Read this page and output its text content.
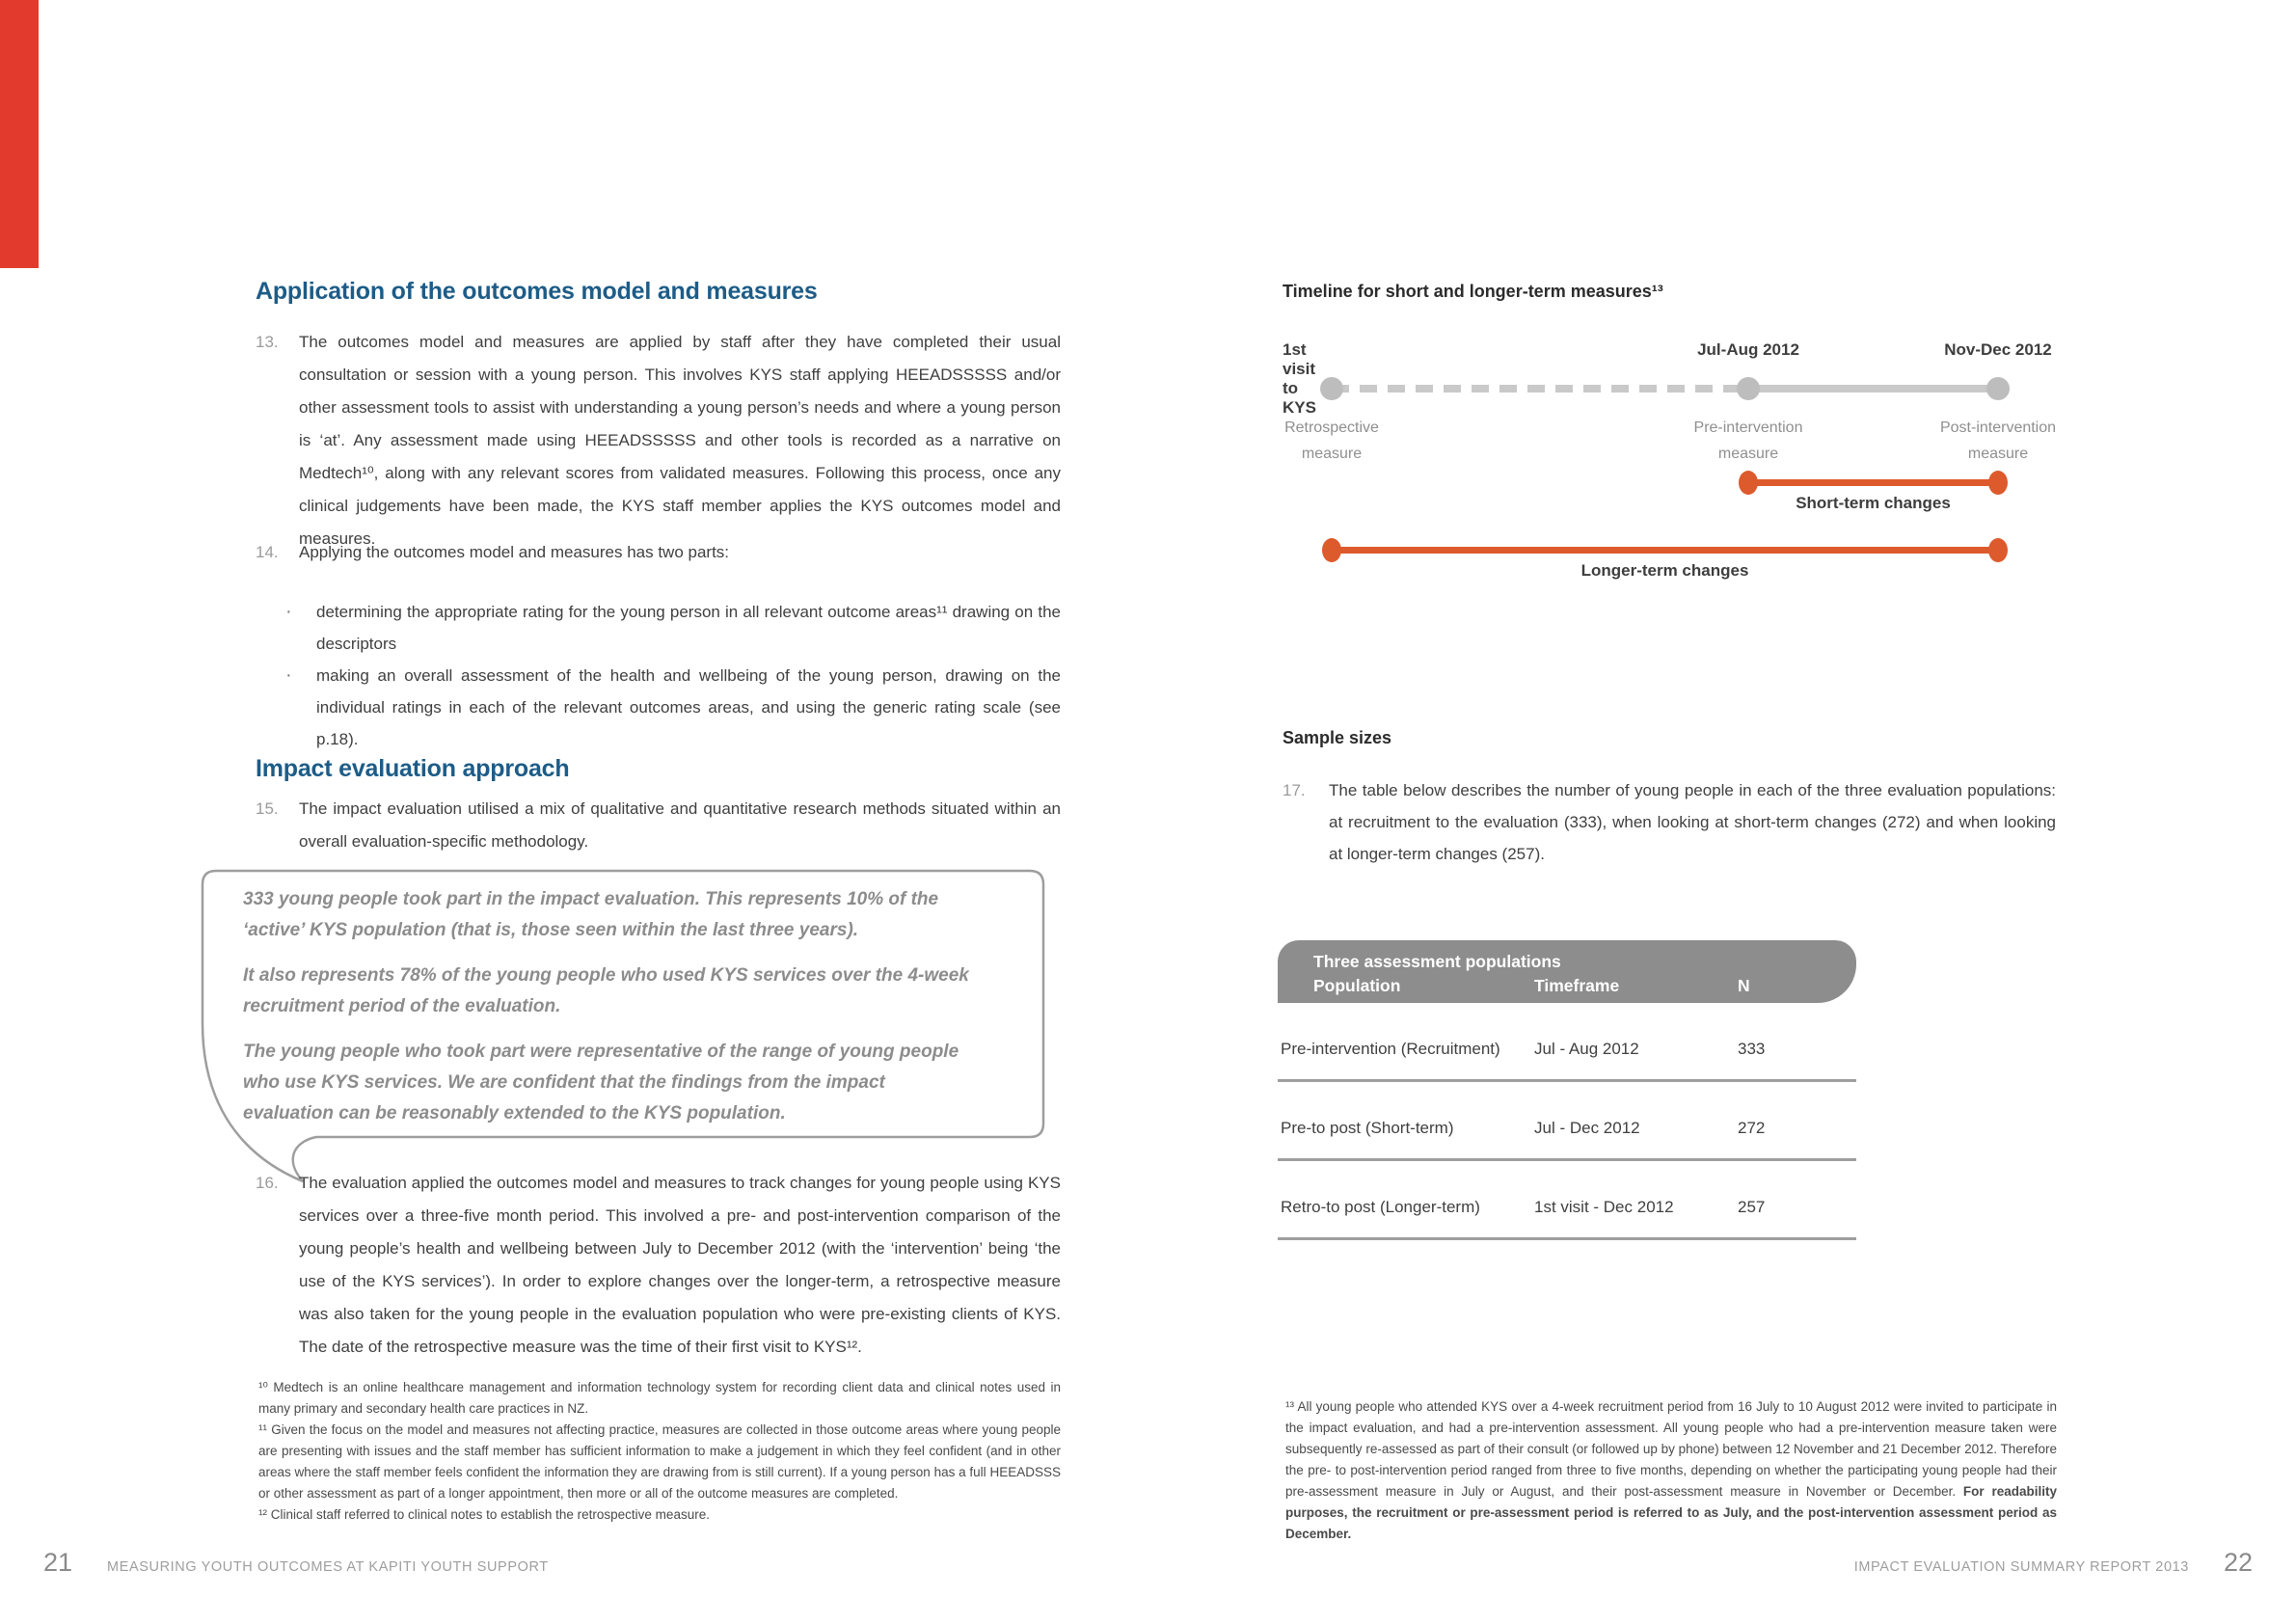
Application of the outcomes model and measures
13. The outcomes model and measures are applied by staff after they have completed their usual consultation or session with a young person. This involves KYS staff applying HEEADSSSSS and/or other assessment tools to assist with understanding a young person’s needs and where a young person is ‘at’. Any assessment made using HEEADSSSSS and other tools is recorded as a narrative on Medtech¹⁰, along with any relevant scores from validated measures. Following this process, once any clinical judgements have been made, the KYS staff member applies the KYS outcomes model and measures.
14. Applying the outcomes model and measures has two parts:
· determining the appropriate rating for the young person in all relevant outcome areas¹¹ drawing on the descriptors
· making an overall assessment of the health and wellbeing of the young person, drawing on the individual ratings in each of the relevant outcomes areas, and using the generic rating scale (see p.18).
Impact evaluation approach
15. The impact evaluation utilised a mix of qualitative and quantitative research methods situated within an overall evaluation-specific methodology.

333 young people took part in the impact evaluation. This represents 10% of the ‘active’ KYS population (that is, those seen within the last three years).

It also represents 78% of the young people who used KYS services over the 4-week recruitment period of the evaluation.

The young people who took part were representative of the range of young people who use KYS services. We are confident that the findings from the impact evaluation can be reasonably extended to the KYS population.

16. The evaluation applied the outcomes model and measures to track changes for young people using KYS services over a three-five month period. This involved a pre- and post-intervention comparison of the young people’s health and wellbeing between July to December 2012 (with the ‘intervention’ being ‘the use of the KYS services’). In order to explore changes over the longer-term, a retrospective measure was also taken for the young people in the evaluation population who were pre-existing clients of KYS. The date of the retrospective measure was the time of their first visit to KYS¹².

¹⁰ Medtech is an online healthcare management and information technology system for recording client data and clinical notes used in many primary and secondary health care practices in NZ.

¹¹ Given the focus on the model and measures not affecting practice, measures are collected in those outcome areas where young people are presenting with issues and the staff member has sufficient information to make a judgement in which they feel confident (and in other areas where the staff member feels confident the information they are drawing from is still current). If a young person has a full HEEADSSS or other assessment as part of a longer appointment, then more or all of the outcome measures are completed.

¹² Clinical staff referred to clinical notes to establish the retrospective measure.

21 MEASURING YOUTH OUTCOMES AT KAPITI YOUTH SUPPORT
Timeline for short and longer-term measures¹³
1st visit to KYS
Jul-Aug 2012	Nov-Dec 2012
Retrospective
measure
Pre-intervention
measure
Post-intervention
measure
Short-term changes
Longer-term changes
Sample sizes
17. The table below describes the number of young people in each of the three evaluation populations: at recruitment to the evaluation (333), when looking at short-term changes (272) and when looking at longer-term changes (257).
Three assessment populations
Population	Timeframe	N
Pre-intervention (Recruitment) Jul - Aug 2012	333
Pre-to post (Short-term)	Jul - Dec 2012	272
Retro-to post (Longer-term)	1st visit - Dec 2012	257

¹³ All young people who attended KYS over a 4-week recruitment period from 16 July to 10 August 2012 were invited to participate in the impact evaluation, and had a pre-intervention assessment. All young people who had a pre-intervention measure taken were subsequently re-assessed as part of their consult (or followed up by phone) between 12 November and 21 December 2012. Therefore the pre- to post-intervention period ranged from three to five months, depending on whether the participating young people had their pre-assessment measure in July or August, and their post-assessment measure in November or December. For readability purposes, the recruitment or pre-assessment period is referred to as July, and the post-intervention assessment period as December.

IMPACT EVALUATION SUMMARY REPORT 2013 22
